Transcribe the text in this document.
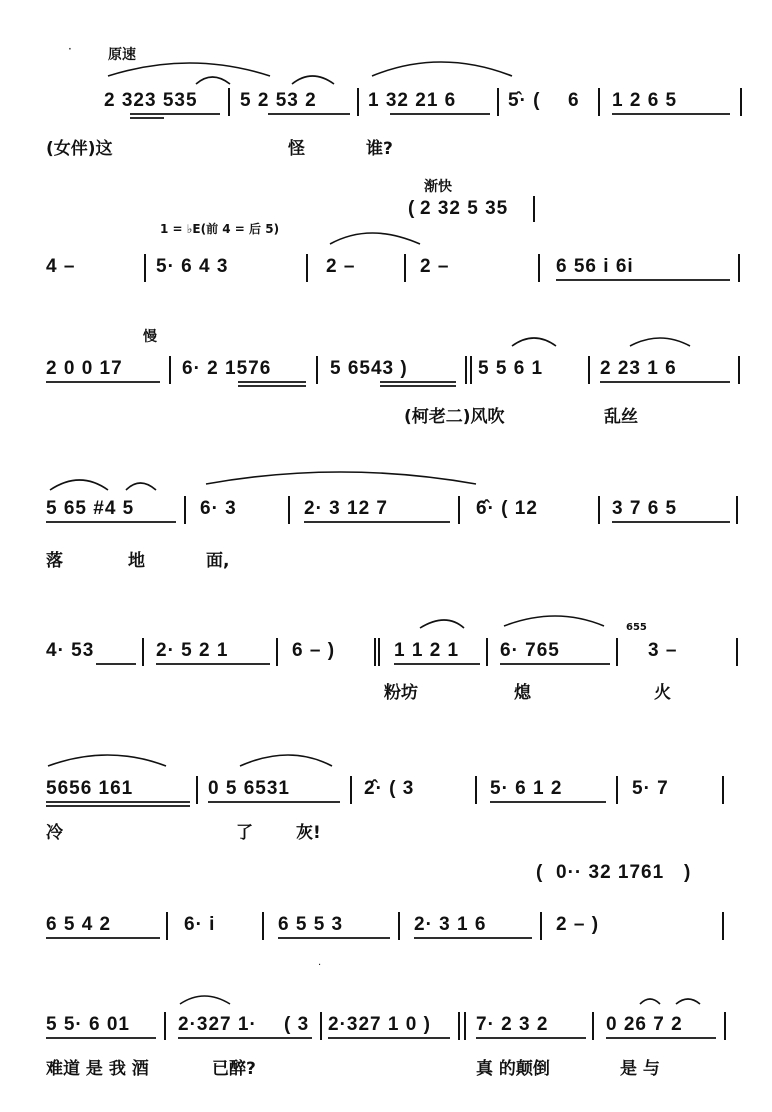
·
·
原速
2 323 535 5 2 53 2	1 32 21 6	5̂· ( 6 1 2 6 5
(女伴)这	怪	谁?
渐快
( 2 32 5 35
1 = ♭E(前 4 = 后 5)
4 –	5· 6 4 3	2 –	2 –	6 56 i 6i
慢
2 0 0 17	6· 2 1576	5 6543 )	5 5 6 1	2 23 1 6
(柯老二)风吹	乱丝
5 65 #4 5	6· 3	2· 3 12 7	6̂· ( 12	3 7 6 5
落	地	面,
4· 53	2· 5 2 1	6 – )	1 1 2 1 6· 765
655
3 –
粉坊	熄	火
5656 161	0 5 6531	2̂· ( 3	5· 6 1 2	5· 7
冷	了	灰!
( 0·· 32 1761 )
6 5 4 2	6· i	6 5 5 3	2· 3 1 6	2 – )
5 5· 6 01	2·327 1· ( 3 2·327 1 0 ) 7· 2 3 2	0 26 7 2
难道 是 我 酒	已醉?	真 的颠倒	是 与
